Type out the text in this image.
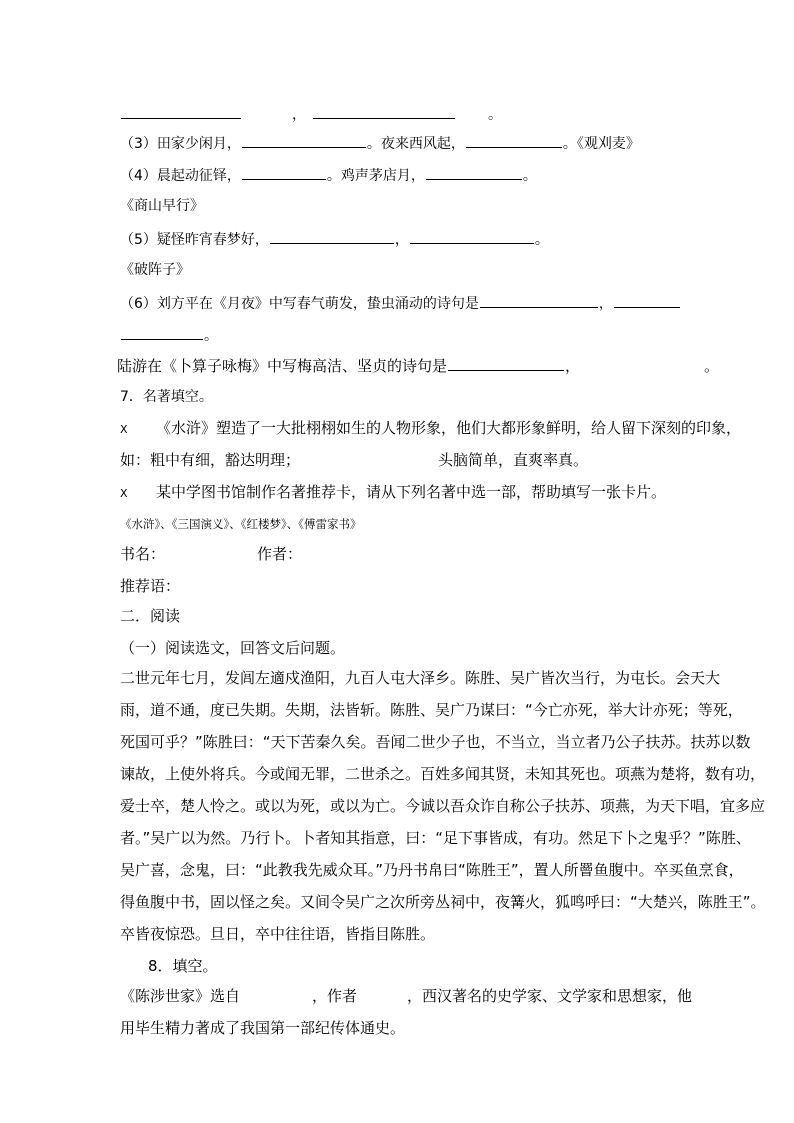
，	。
（3）田家少闲月，	。夜来西风起，	。《观刈麦》
（4）晨起动征铎，	。鸡声茅店月，	。
《商山早行》
（5）疑怪昨宵春梦好，	，	。
《破阵子》
（6）刘方平在《月夜》中写春气萌发，蛰虫涌动的诗句是	，
。
陆游在《卜算子咏梅》中写梅高洁、坚贞的诗句是	，	。
7．名著填空。
X 《水浒》塑造了一大批栩栩如生的人物形象，他们大都形象鲜明，给人留下深刻的印象，
如：粗中有细，豁达明理；	头脑简单，直爽率真。
X 某中学图书馆制作名著推荐卡，请从下列名著中选一部，帮助填写一张卡片。
《水浒》、《三国演义》、《红楼梦》、《傅雷家书》
书名：	作者：
推荐语：
二．阅读
（一）阅读选文，回答文后问题。
二世元年七月，发闾左適戍渔阳，九百人屯大泽乡。陈胜、吴广皆次当行，为屯长。会天大
雨，道不通，度已失期。失期，法皆斩。陈胜、吴广乃谋曰：“今亡亦死，举大计亦死；等死，
死国可乎？”陈胜曰：“天下苦秦久矣。吾闻二世少子也，不当立，当立者乃公子扶苏。扶苏以数
谏故，上使外将兵。今或闻无罪，二世杀之。百姓多闻其贤，未知其死也。项燕为楚将，数有功，
爱士卒，楚人怜之。或以为死，或以为亡。今诚以吾众诈自称公子扶苏、项燕，为天下唱，宜多应
者。”吴广以为然。乃行卜。卜者知其指意，曰：“足下事皆成，有功。然足下卜之鬼乎？”陈胜、
吴广喜，念鬼，曰：“此教我先威众耳。”乃丹书帛曰“陈胜王”，置人所罾鱼腹中。卒买鱼烹食，
得鱼腹中书，固以怪之矣。又间令吴广之次所旁丛祠中，夜篝火，狐鸣呼曰：“大楚兴，陈胜王”。
卒皆夜惊恐。旦日，卒中往往语，皆指目陈胜。
8．填空。
《陈涉世家》选自	，作者	，西汉著名的史学家、文学家和思想家，他
用毕生精力著成了我国第一部纪传体通史。
